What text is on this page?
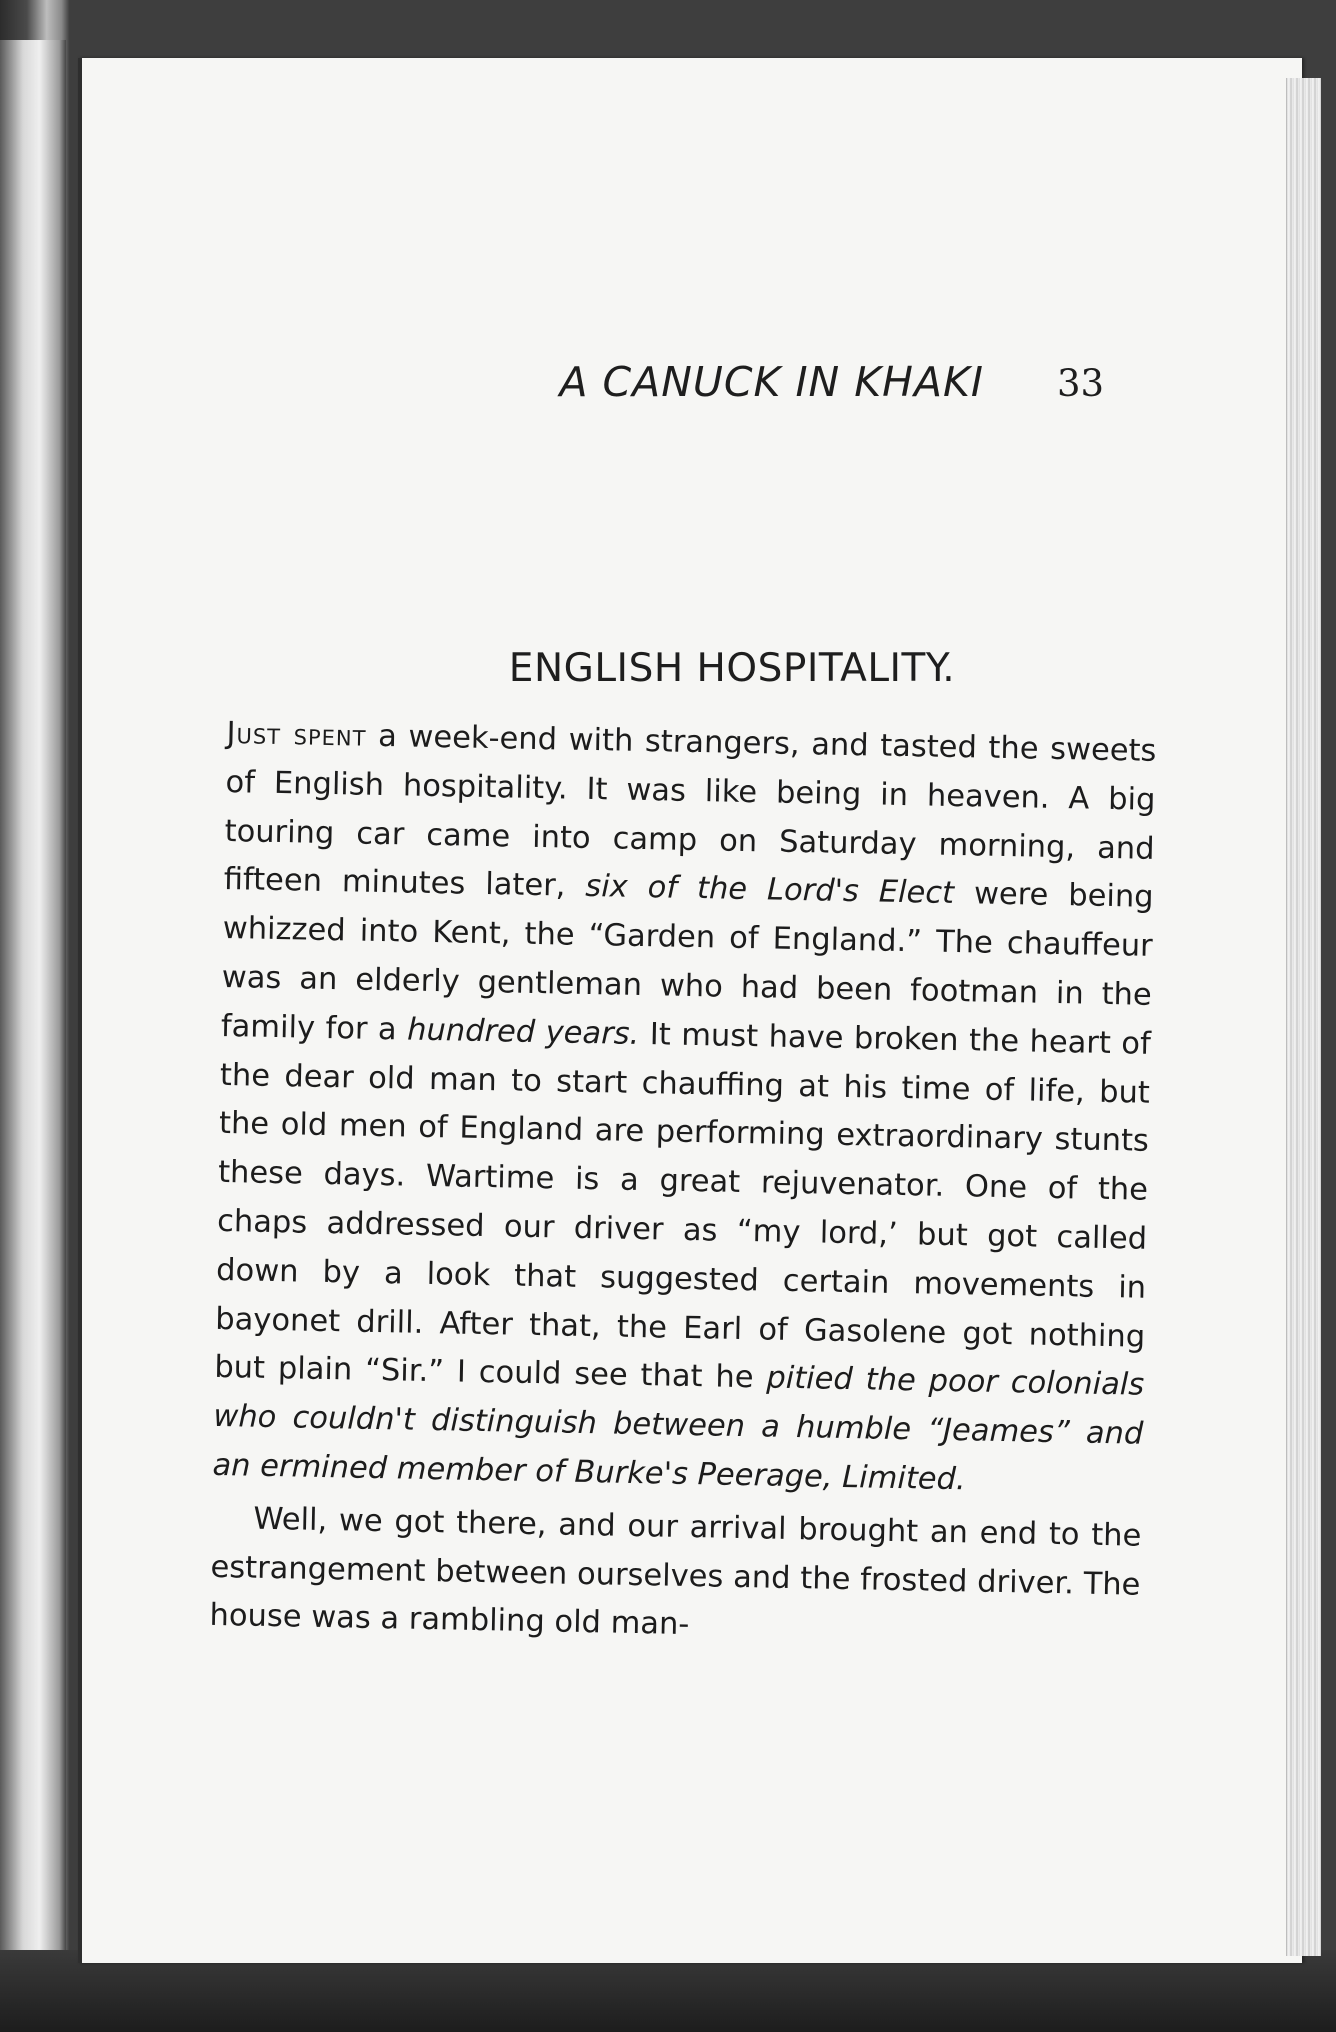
A CANUCK IN KHAKI 33
ENGLISH HOSPITALITY.

Just spent a week-end with strangers, and tasted the sweets of English hospitality. It was like being in heaven. A big touring car came into camp on Saturday morning, and fifteen minutes later, six of the Lord's Elect were being whizzed into Kent, the “Garden of England.” The chauffeur was an elderly gentleman who had been footman in the family for a hundred years. It must have broken the heart of the dear old man to start chauffing at his time of life, but the old men of England are performing extraordinary stunts these days. Wartime is a great rejuvenator. One of the chaps addressed our driver as “my lord,’ but got called down by a look that suggested certain movements in bayonet drill. After that, the Earl of Gasolene got nothing but plain “Sir.” I could see that he pitied the poor colonials who couldn't distinguish between a humble “Jeames” and an ermined member of Burke's Peerage, Limited.

Well, we got there, and our arrival brought an end to the estrangement between ourselves and the frosted driver. The house was a rambling old man-
